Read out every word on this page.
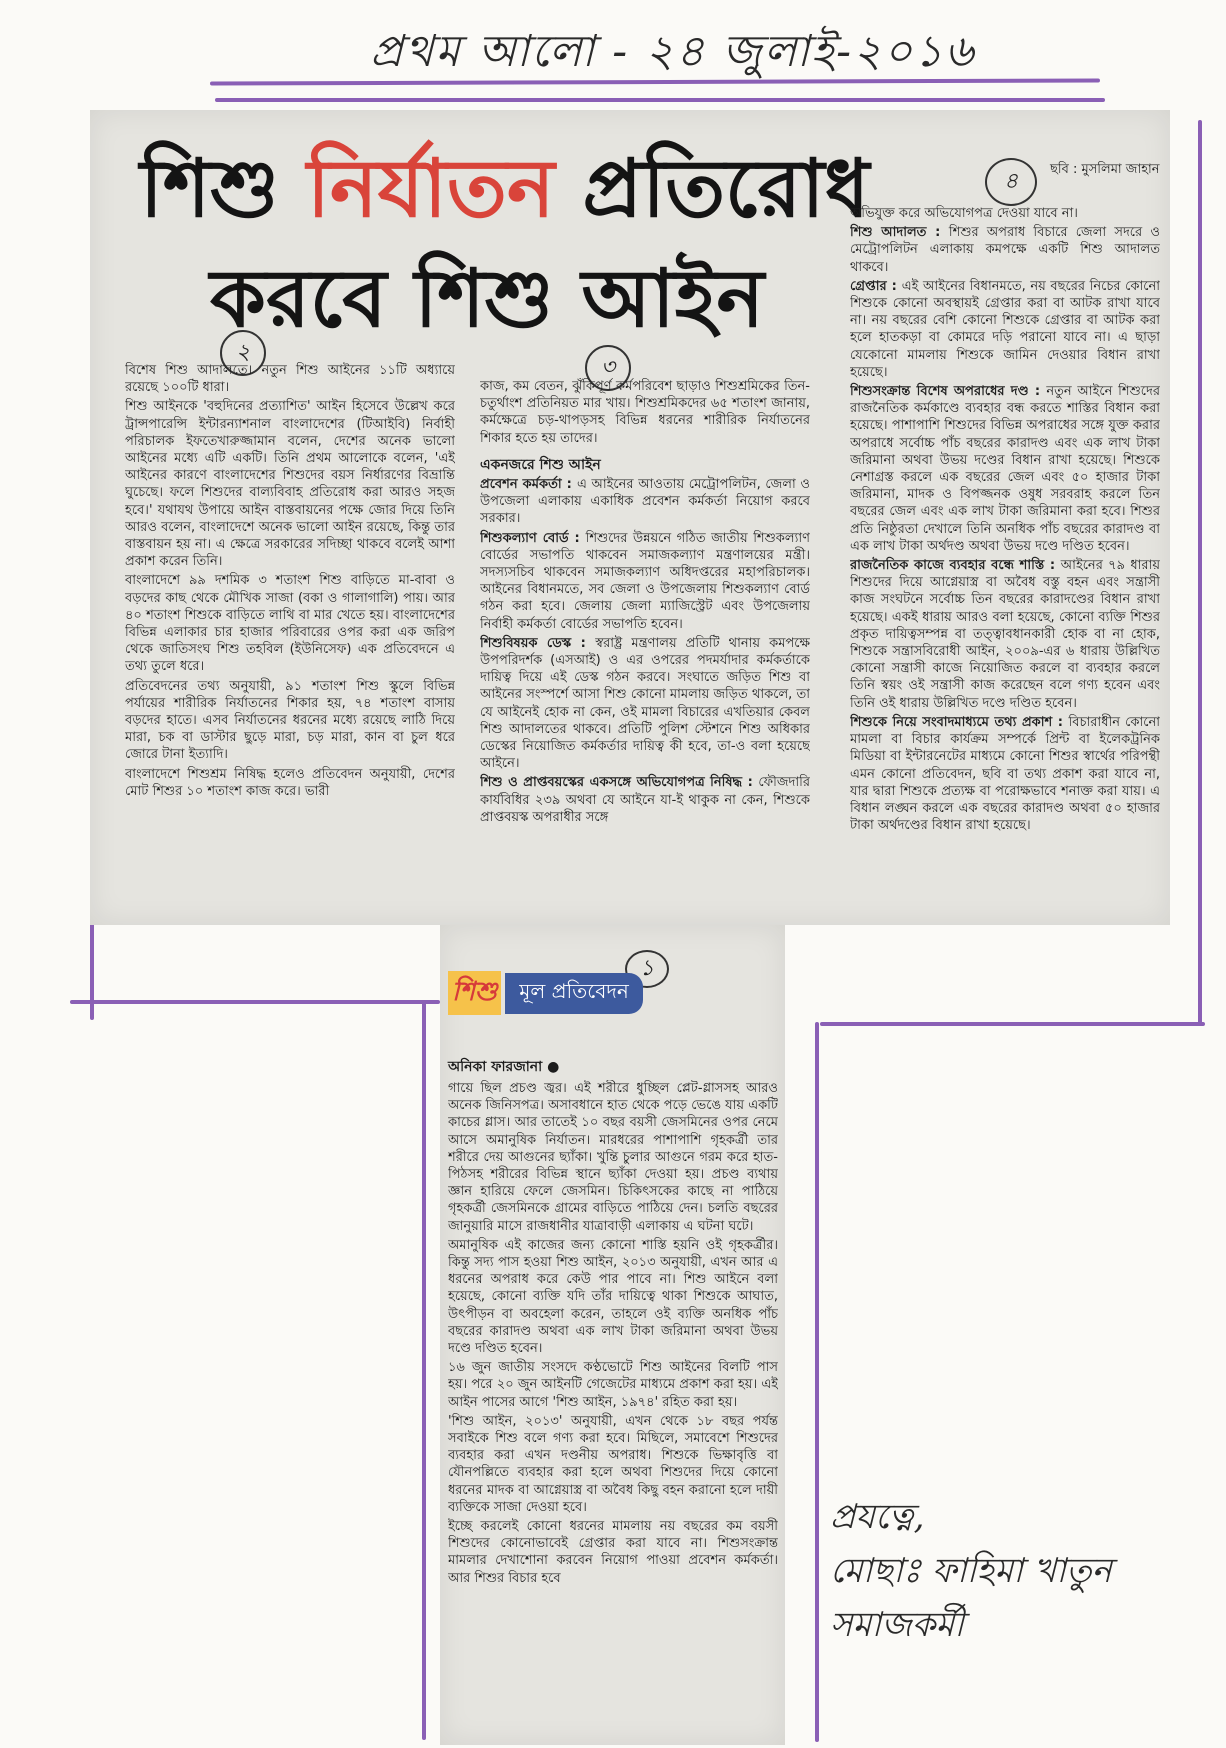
প্রথম আলো - ২৪ জুলাই-২০১৬
শিশু নির্যাতন প্রতিরোধ
করবে শিশু আইন
ছবি : মুসলিমা জাহান
২
৩
৪

বিশেষ শিশু আদালতে। নতুন শিশু আইনের ১১টি অধ্যায়ে রয়েছে ১০০টি ধারা।

শিশু আইনকে 'বহুদিনের প্রত্যাশিত' আইন হিসেবে উল্লেখ করে ট্রান্সপারেন্সি ইন্টারন্যাশনাল বাংলাদেশের (টিআইবি) নির্বাহী পরিচালক ইফতেখারুজ্জামান বলেন, দেশের অনেক ভালো আইনের মধ্যে এটি একটি। তিনি প্রথম আলোকে বলেন, 'এই আইনের কারণে বাংলাদেশের শিশুদের বয়স নির্ধারণের বিভ্রান্তি ঘুচেছে। ফলে শিশুদের বাল্যবিবাহ প্রতিরোধ করা আরও সহজ হবে।' যথাযথ উপায়ে আইন বাস্তবায়নের পক্ষে জোর দিয়ে তিনি আরও বলেন, বাংলাদেশে অনেক ভালো আইন রয়েছে, কিন্তু তার বাস্তবায়ন হয় না। এ ক্ষেত্রে সরকারের সদিচ্ছা থাকবে বলেই আশা প্রকাশ করেন তিনি।

বাংলাদেশে ৯৯ দশমিক ৩ শতাংশ শিশু বাড়িতে মা-বাবা ও বড়দের কাছ থেকে মৌখিক সাজা (বকা ও গালাগালি) পায়। আর ৪০ শতাংশ শিশুকে বাড়িতে লাথি বা মার খেতে হয়। বাংলাদেশের বিভিন্ন এলাকার চার হাজার পরিবারের ওপর করা এক জরিপ থেকে জাতিসংঘ শিশু তহবিল (ইউনিসেফ) এক প্রতিবেদনে এ তথ্য তুলে ধরে।

প্রতিবেদনের তথ্য অনুযায়ী, ৯১ শতাংশ শিশু স্কুলে বিভিন্ন পর্যায়ের শারীরিক নির্যাতনের শিকার হয়, ৭৪ শতাংশ বাসায় বড়দের হাতে। এসব নির্যাতনের ধরনের মধ্যে রয়েছে লাঠি দিয়ে মারা, চক বা ডাস্টার ছুড়ে মারা, চড় মারা, কান বা চুল ধরে জোরে টানা ইত্যাদি।

বাংলাদেশে শিশুশ্রম নিষিদ্ধ হলেও প্রতিবেদন অনুযায়ী, দেশের মোট শিশুর ১০ শতাংশ কাজ করে। ভারী

কাজ, কম বেতন, ঝুঁকিপূর্ণ কর্মপরিবেশ ছাড়াও শিশুশ্রমিকের তিন-চতুর্থাংশ প্রতিনিয়ত মার খায়। শিশুশ্রমিকদের ৬৫ শতাংশ জানায়, কর্মক্ষেত্রে চড়-থাপড়সহ বিভিন্ন ধরনের শারীরিক নির্যাতনের শিকার হতে হয় তাদের।

একনজরে শিশু আইন

প্রবেশন কর্মকর্তা : এ আইনের আওতায় মেট্রোপলিটন, জেলা ও উপজেলা এলাকায় একাধিক প্রবেশন কর্মকর্তা নিয়োগ করবে সরকার।

শিশুকল্যাণ বোর্ড : শিশুদের উন্নয়নে গঠিত জাতীয় শিশুকল্যাণ বোর্ডের সভাপতি থাকবেন সমাজকল্যাণ মন্ত্রণালয়ের মন্ত্রী। সদস্যসচিব থাকবেন সমাজকল্যাণ অধিদপ্তরের মহাপরিচালক। আইনের বিধানমতে, সব জেলা ও উপজেলায় শিশুকল্যাণ বোর্ড গঠন করা হবে। জেলায় জেলা ম্যাজিস্ট্রেট এবং উপজেলায় নির্বাহী কর্মকর্তা বোর্ডের সভাপতি হবেন।

শিশুবিষয়ক ডেস্ক : স্বরাষ্ট্র মন্ত্রণালয় প্রতিটি থানায় কমপক্ষে উপপরিদর্শক (এসআই) ও এর ওপরের পদমর্যাদার কর্মকর্তাকে দায়িত্ব দিয়ে এই ডেস্ক গঠন করবে। সংঘাতে জড়িত শিশু বা আইনের সংস্পর্শে আসা শিশু কোনো মামলায় জড়িত থাকলে, তা যে আইনেই হোক না কেন, ওই মামলা বিচারের এখতিয়ার কেবল শিশু আদালতের থাকবে। প্রতিটি পুলিশ স্টেশনে শিশু অধিকার ডেস্কের নিয়োজিত কর্মকর্তার দায়িত্ব কী হবে, তা-ও বলা হয়েছে আইনে।

শিশু ও প্রাপ্তবয়স্কের একসঙ্গে অভিযোগপত্র নিষিদ্ধ : ফৌজদারি কার্যবিধির ২৩৯ অথবা যে আইনে যা-ই থাকুক না কেন, শিশুকে প্রাপ্তবয়স্ক অপরাধীর সঙ্গে

অভিযুক্ত করে অভিযোগপত্র দেওয়া যাবে না।

শিশু আদালত : শিশুর অপরাধ বিচারে জেলা সদরে ও মেট্রোপলিটন এলাকায় কমপক্ষে একটি শিশু আদালত থাকবে।

গ্রেপ্তার : এই আইনের বিধানমতে, নয় বছরের নিচের কোনো শিশুকে কোনো অবস্থায়ই গ্রেপ্তার করা বা আটক রাখা যাবে না। নয় বছরের বেশি কোনো শিশুকে গ্রেপ্তার বা আটক করা হলে হাতকড়া বা কোমরে দড়ি পরানো যাবে না। এ ছাড়া যেকোনো মামলায় শিশুকে জামিন দেওয়ার বিধান রাখা হয়েছে।

শিশুসংক্রান্ত বিশেষ অপরাধের দণ্ড : নতুন আইনে শিশুদের রাজনৈতিক কর্মকাণ্ডে ব্যবহার বন্ধ করতে শাস্তির বিধান করা হয়েছে। পাশাপাশি শিশুদের বিভিন্ন অপরাধের সঙ্গে যুক্ত করার অপরাধে সর্বোচ্চ পাঁচ বছরের কারাদণ্ড এবং এক লাখ টাকা জরিমানা অথবা উভয় দণ্ডের বিধান রাখা হয়েছে। শিশুকে নেশাগ্রস্ত করলে এক বছরের জেল এবং ৫০ হাজার টাকা জরিমানা, মাদক ও বিপজ্জনক ওষুধ সরবরাহ করলে তিন বছরের জেল এবং এক লাখ টাকা জরিমানা করা হবে। শিশুর প্রতি নিষ্ঠুরতা দেখালে তিনি অনধিক পাঁচ বছরের কারাদণ্ড বা এক লাখ টাকা অর্থদণ্ড অথবা উভয় দণ্ডে দণ্ডিত হবেন।

রাজনৈতিক কাজে ব্যবহার বন্ধে শাস্তি : আইনের ৭৯ ধারায় শিশুদের দিয়ে আগ্নেয়াস্ত্র বা অবৈধ বস্তু বহন এবং সন্ত্রাসী কাজ সংঘটনে সর্বোচ্চ তিন বছরের কারাদণ্ডের বিধান রাখা হয়েছে। একই ধারায় আরও বলা হয়েছে, কোনো ব্যক্তি শিশুর প্রকৃত দায়িত্বসম্পন্ন বা তত্ত্বাবধানকারী হোক বা না হোক, শিশুকে সন্ত্রাসবিরোধী আইন, ২০০৯-এর ৬ ধারায় উল্লিখিত কোনো সন্ত্রাসী কাজে নিয়োজিত করলে বা ব্যবহার করলে তিনি স্বয়ং ওই সন্ত্রাসী কাজ করেছেন বলে গণ্য হবেন এবং তিনি ওই ধারায় উল্লিখিত দণ্ডে দণ্ডিত হবেন।

শিশুকে নিয়ে সংবাদমাধ্যমে তথ্য প্রকাশ : বিচারাধীন কোনো মামলা বা বিচার কার্যক্রম সম্পর্কে প্রিন্ট বা ইলেকট্রনিক মিডিয়া বা ইন্টারনেটের মাধ্যমে কোনো শিশুর স্বার্থের পরিপন্থী এমন কোনো প্রতিবেদন, ছবি বা তথ্য প্রকাশ করা যাবে না, যার দ্বারা শিশুকে প্রত্যক্ষ বা পরোক্ষভাবে শনাক্ত করা যায়। এ বিধান লঙ্ঘন করলে এক বছরের কারাদণ্ড অথবা ৫০ হাজার টাকা অর্থদণ্ডের বিধান রাখা হয়েছে।

১
শিশু	মূল প্রতিবেদন
অনিকা ফারজানা ●

গায়ে ছিল প্রচণ্ড জ্বর। এই শরীরে ধুচ্ছিল প্লেট-গ্লাসসহ আরও অনেক জিনিসপত্র। অসাবধানে হাত থেকে পড়ে ভেঙে যায় একটি কাচের গ্লাস। আর তাতেই ১০ বছর বয়সী জেসমিনের ওপর নেমে আসে অমানুষিক নির্যাতন। মারধরের পাশাপাশি গৃহকর্ত্রী তার শরীরে দেয় আগুনের ছ্যাঁকা। খুন্তি চুলার আগুনে গরম করে হাত-পিঠসহ শরীরের বিভিন্ন স্থানে ছ্যাঁকা দেওয়া হয়। প্রচণ্ড ব্যথায় জ্ঞান হারিয়ে ফেলে জেসমিন। চিকিৎসকের কাছে না পাঠিয়ে গৃহকর্ত্রী জেসমিনকে গ্রামের বাড়িতে পাঠিয়ে দেন। চলতি বছরের জানুয়ারি মাসে রাজধানীর যাত্রাবাড়ী এলাকায় এ ঘটনা ঘটে।

অমানুষিক এই কাজের জন্য কোনো শাস্তি হয়নি ওই গৃহকর্ত্রীর। কিন্তু সদ্য পাস হওয়া শিশু আইন, ২০১৩ অনুযায়ী, এখন আর এ ধরনের অপরাধ করে কেউ পার পাবে না। শিশু আইনে বলা হয়েছে, কোনো ব্যক্তি যদি তাঁর দায়িত্বে থাকা শিশুকে আঘাত, উৎপীড়ন বা অবহেলা করেন, তাহলে ওই ব্যক্তি অনধিক পাঁচ বছরের কারাদণ্ড অথবা এক লাখ টাকা জরিমানা অথবা উভয় দণ্ডে দণ্ডিত হবেন।

১৬ জুন জাতীয় সংসদে কণ্ঠভোটে শিশু আইনের বিলটি পাস হয়। পরে ২০ জুন আইনটি গেজেটের মাধ্যমে প্রকাশ করা হয়। এই আইন পাসের আগে 'শিশু আইন, ১৯৭৪' রহিত করা হয়।

'শিশু আইন, ২০১৩' অনুযায়ী, এখন থেকে ১৮ বছর পর্যন্ত সবাইকে শিশু বলে গণ্য করা হবে। মিছিলে, সমাবেশে শিশুদের ব্যবহার করা এখন দণ্ডনীয় অপরাধ। শিশুকে ভিক্ষাবৃত্তি বা যৌনপল্লিতে ব্যবহার করা হলে অথবা শিশুদের দিয়ে কোনো ধরনের মাদক বা আগ্নেয়াস্ত্র বা অবৈধ কিছু বহন করানো হলে দায়ী ব্যক্তিকে সাজা দেওয়া হবে।

ইচ্ছে করলেই কোনো ধরনের মামলায় নয় বছরের কম বয়সী শিশুদের কোনোভাবেই গ্রেপ্তার করা যাবে না। শিশুসংক্রান্ত মামলার দেখাশোনা করবেন নিয়োগ পাওয়া প্রবেশন কর্মকর্তা। আর শিশুর বিচার হবে

প্রযত্নে,
মোছাঃ ফাহিমা খাতুন
সমাজকর্মী
